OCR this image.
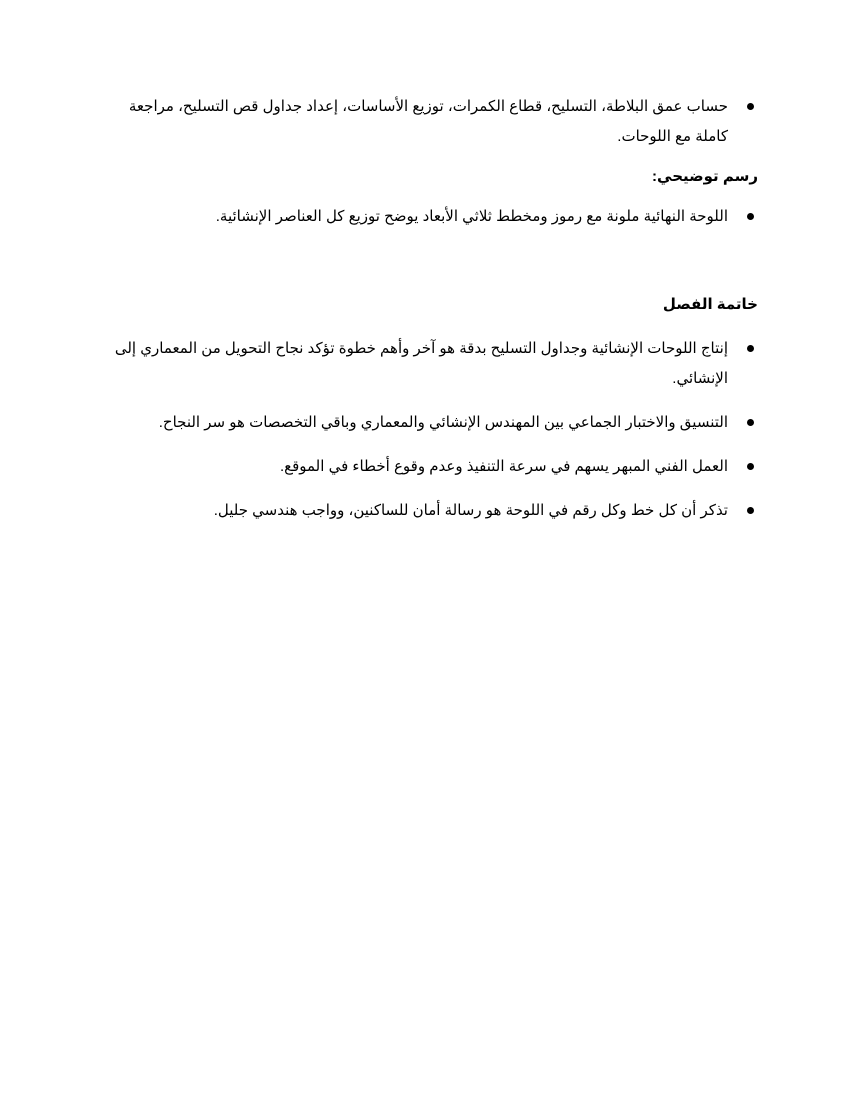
حساب عمق البلاطة، التسليح، قطاع الكمرات، توزيع الأساسات، إعداد جداول قص التسليح، مراجعة كاملة مع اللوحات.
رسم توضيحي:
اللوحة النهائية ملونة مع رموز ومخطط ثلاثي الأبعاد يوضح توزيع كل العناصر الإنشائية.
خاتمة الفصل
إنتاج اللوحات الإنشائية وجداول التسليح بدقة هو آخر وأهم خطوة تؤكد نجاح التحويل من المعماري إلى الإنشائي.
التنسيق والاختبار الجماعي بين المهندس الإنشائي والمعماري وباقي التخصصات هو سر النجاح.
العمل الفني المبهر يسهم في سرعة التنفيذ وعدم وقوع أخطاء في الموقع.
تذكر أن كل خط وكل رقم في اللوحة هو رسالة أمان للساكنين، وواجب هندسي جليل.
